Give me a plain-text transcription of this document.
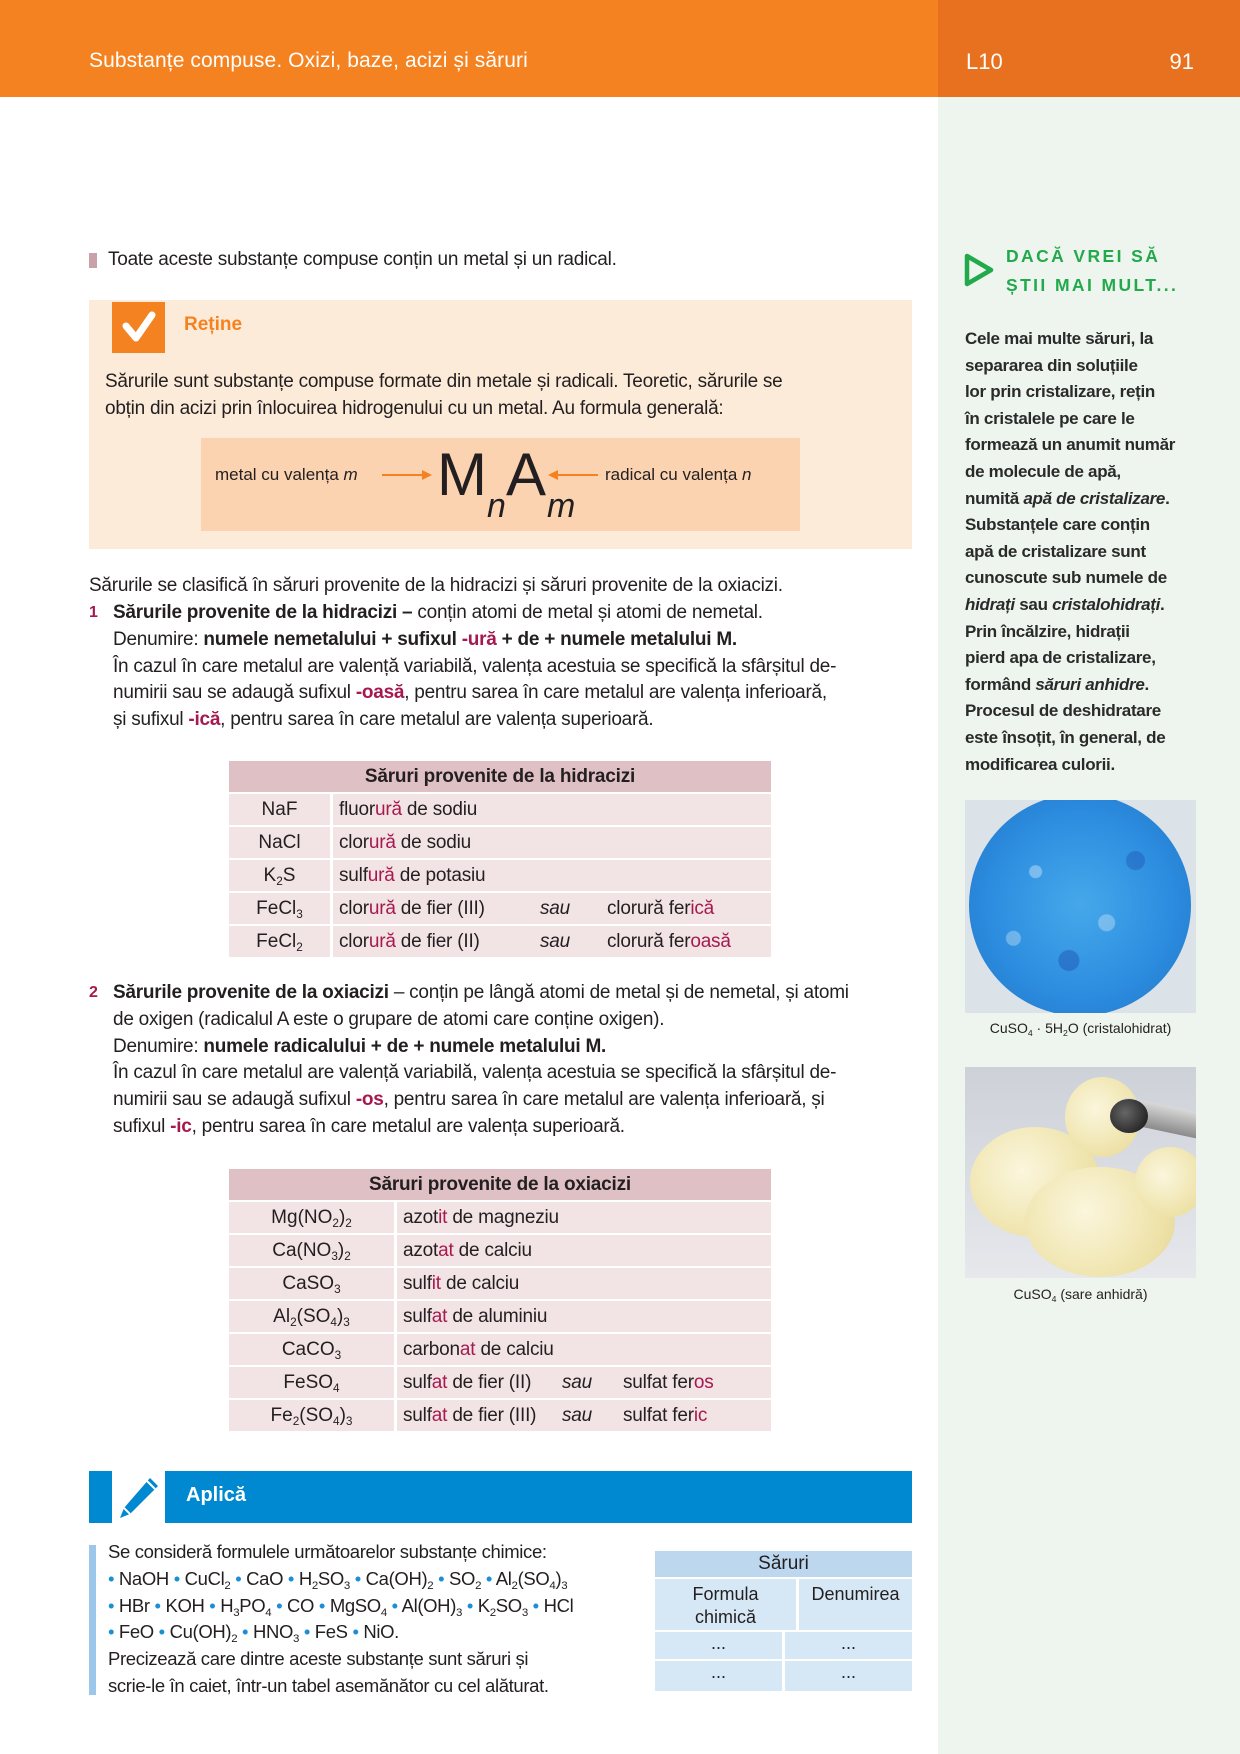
Substanțe compuse. Oxizi, baze, acizi și săruri	L10	91
Toate aceste substanțe compuse conțin un metal și un radical.
Reține
Sărurile sunt substanțe compuse formate din metale și radicali. Teoretic, sărurile se
obțin din acizi prin înlocuirea hidrogenului cu un metal. Au formula generală:
metal cu valența m M n A m
radical cu valența n
Sărurile se clasifică în săruri provenite de la hidracizi și săruri provenite de la oxiacizi.
1 Sărurile provenite de la hidracizi – conțin atomi de metal și atomi de nemetal.
Denumire: numele nemetalului + sufixul -ură + de + numele metalului M.
În cazul în care metalul are valență variabilă, valența acestuia se specifică la sfârșitul de-
numirii sau se adaugă sufixul -oasă, pentru sarea în care metalul are valența inferioară,
și sufixul -ică, pentru sarea în care metalul are valența superioară.
Săruri provenite de la hidracizi
NaF	fluorură de sodiu
NaCl	clorură de sodiu
$K_2S$	sulfură de potasiu
FeCl$_3$	clorură de fier (III)	sau clorură ferică
FeCl$_2$	clorură de fier (II)	sau clorură feroasă
2 Sărurile provenite de la oxiacizi – conțin pe lângă atomi de metal și de nemetal, și atomi
de oxigen (radicalul A este o grupare de atomi care conține oxigen).
Denumire: numele radicalului + de + numele metalului M.
În cazul în care metalul are valență variabilă, valența acestuia se specifică la sfârșitul de-
numirii sau se adaugă sufixul -os, pentru sarea în care metalul are valența inferioară, și
sufixul -ic, pentru sarea în care metalul are valența superioară.
Săruri provenite de la oxiacizi
$Mg(NO_2)_2$	azotit de magneziu
$Ca(NO_3)_2$	azotat de calciu
CaSO$_3$	sulfit de calciu
$Al_2(SO_4)_3$	sulfat de aluminiu
CaCO$_3$	carbonat de calciu
FeSO$_4$	sulfat de fier (II) sau sulfat feros
$Fe_2(SO_4)_3$	sulfat de fier (III) sau sulfat feric
Aplică
Se consideră formulele următoarelor substanțe chimice:
• NaOH • CuCl$_2$ • CaO • $H_2SO_3$ • $Ca(OH)_2$ • $SO_2$ • $Al_2(SO_4)_3$
• HBr • KOH • $H_3PO_4$ • CO • MgSO$_4$ • $Al(OH)_3$ • $K_2SO_3$ • HCl
• FeO • $Cu(OH)_2$ • $HNO_3$ • FeS • NiO.
Precizează care dintre aceste substanțe sunt săruri și
scrie-le în caiet, într-un tabel asemănător cu cel alăturat.
Săruri
Formula chimică
Denumirea
...	...
...	...
DACĂ VREI SĂ
ȘTII MAI MULT...
Cele mai multe săruri, la
separarea din soluțiile
lor prin cristalizare, rețin
în cristalele pe care le
formează un anumit număr
de molecule de apă,
numită apă de cristalizare.
Substanțele care conțin
apă de cristalizare sunt
cunoscute sub numele de
hidrați sau cristalohidrați.
Prin încălzire, hidrații
pierd apa de cristalizare,
formând săruri anhidre.
Procesul de deshidratare
este însoțit, în general, de
modificarea culorii.
CuSO$_4$ · $5H_2O$ (cristalohidrat)
CuSO$_4$ (sare anhidră)
